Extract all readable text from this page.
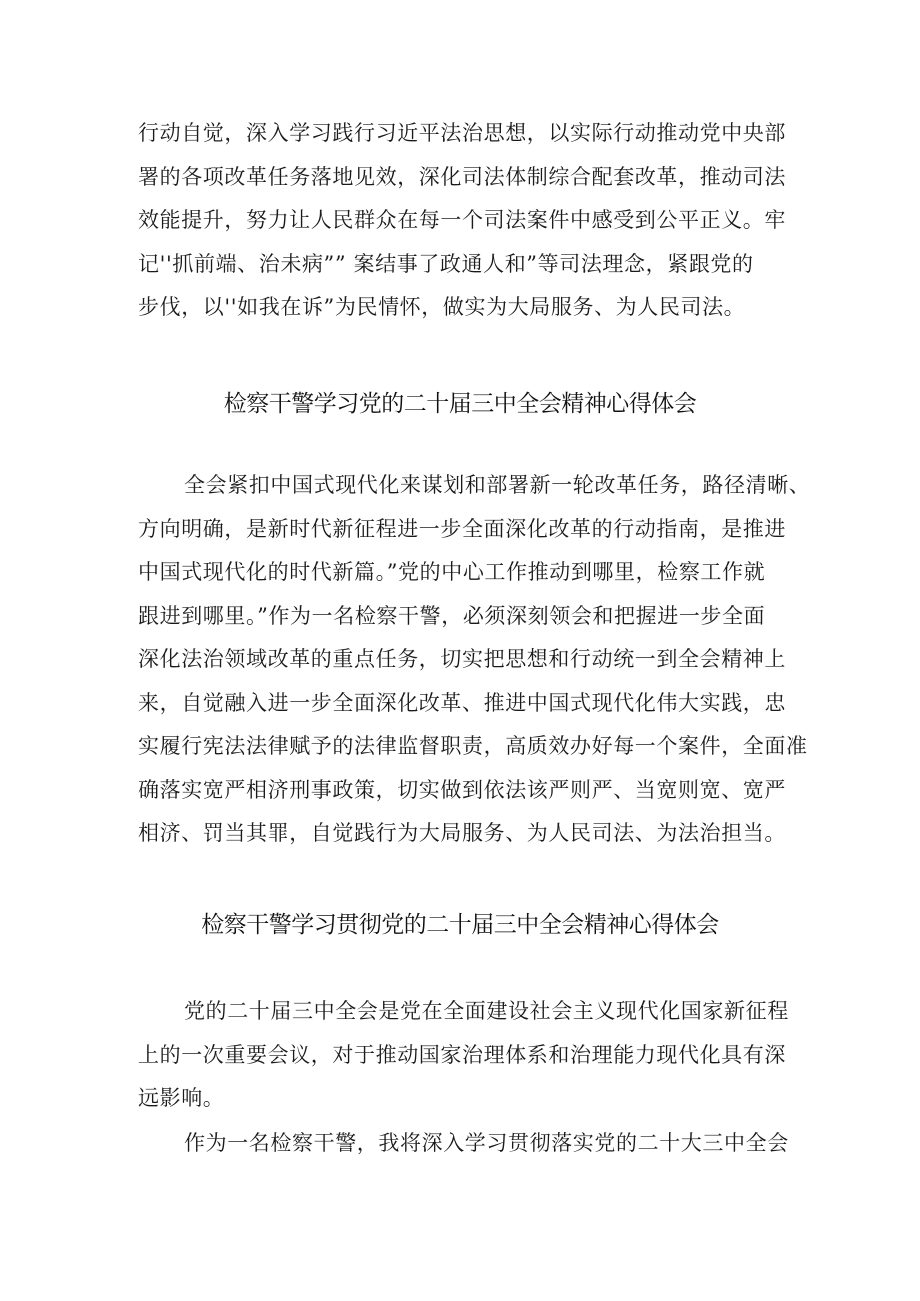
行动自觉，深入学习践行习近平法治思想，以实际行动推动党中央部
署的各项改革任务落地见效，深化司法体制综合配套改革，推动司法
效能提升，努力让人民群众在每一个司法案件中感受到公平正义。牢
记''抓前端、治未病”” 案结事了政通人和”等司法理念，紧跟党的
步伐，以''如我在诉”为民情怀，做实为大局服务、为人民司法。

检察干警学习党的二十届三中全会精神心得体会

全会紧扣中国式现代化来谋划和部署新一轮改革任务，路径清晰、
方向明确，是新时代新征程进一步全面深化改革的行动指南，是推进
中国式现代化的时代新篇。”党的中心工作推动到哪里，检察工作就
跟进到哪里。”作为一名检察干警，必须深刻领会和把握进一步全面
深化法治领域改革的重点任务，切实把思想和行动统一到全会精神上
来，自觉融入进一步全面深化改革、推进中国式现代化伟大实践，忠
实履行宪法法律赋予的法律监督职责，高质效办好每一个案件，全面准
确落实宽严相济刑事政策，切实做到依法该严则严、当宽则宽、宽严
相济、罚当其罪，自觉践行为大局服务、为人民司法、为法治担当。

检察干警学习贯彻党的二十届三中全会精神心得体会

党的二十届三中全会是党在全面建设社会主义现代化国家新征程
上的一次重要会议，对于推动国家治理体系和治理能力现代化具有深
远影响。

作为一名检察干警，我将深入学习贯彻落实党的二十大三中全会
